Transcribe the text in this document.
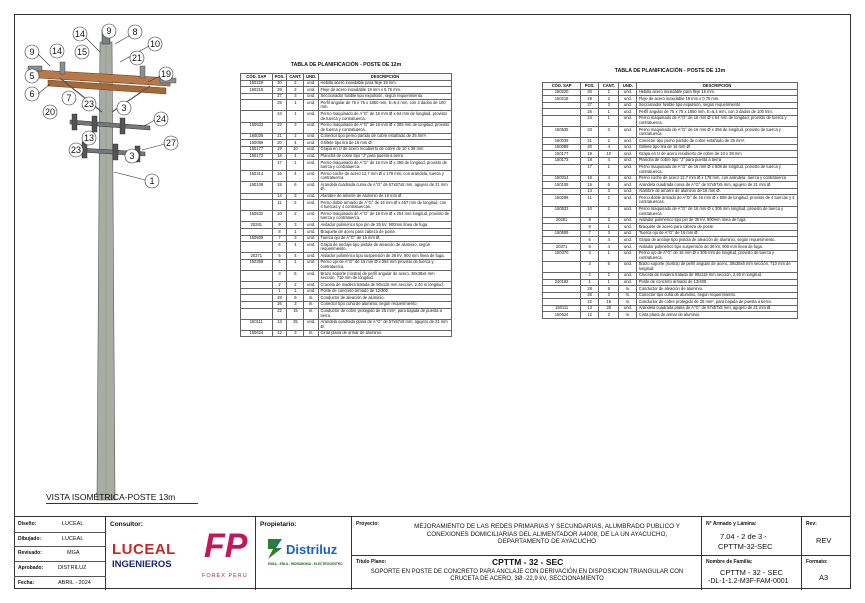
14 9 8
10
9 14 15
21
19
5
6	7
23	3
20
24
13	27
23
3
1
VISTA ISOMÉTRICA-POSTE 13m
TABLA DE PLANIFICACIÓN - POSTE DE 12m
CÓD. SAP	POS.	CANT.	UND.	DESCRIPCIÓN
150220	30	2	und.	Hebilla acero inoxidable para fleje 19 mm.
150218	29	2	und.	Fleje de acero inoxidable 19 mm x 0,76 mm.
	27	3	und.	Seccionador fusible tipo expulsión, según requerimiento.
	25	1	und.	Perfil angular de 75 x 75 x 1850 mm, E=6,4 mm, con 3 dados de 100 mm.
	24	1	und.	Perno maquinado de A°G° de 16 mm Ø x 64 mm de longitud, provisto de tuerca y contratuerca.
150533	23	3	und.	Perno maquinado de A°G° de 16 mm Ø x 305 mm de longitud, provisto de tuerca y contratuerca.
160039	21	2	und.	Conector tipo perno partido de cobre estañado de 25 mm².
150089	20	4	und.	Grillete tipo lira de 16 mm Ø.
150177	19	10	und.	Grapa en U de acero recubierto de cobre de 10 x 38 mm
150173	18	4	und.	Plancha de cobre tipo "J" para puesta a tierra
	17	1	und.	Perno maquinado de A°G° de 16 mm Ø x 458 de longitud, provisto de tuerca y contratuerca.
150314	16	4	und.	Perno coche de acero 12,7 mm Ø x 178 mm, con arandela, tuerca y contratuerca
150108	15	6	und.	Arandela cuadrada curva de A°G° de 57x57x5 mm, agujero de 21 mm Ø.
	14	3	und.	Alambre de amarre de aluminio de 16 mm Ø.
	11	2	und.	Perno doble armado de A°G° de 16 mm Ø x 457 mm de longitud, con 4 tuercas y 4 contratuercas.
150532	10	2	und.	Perno maquinado de A°G° de 16 mm Ø x 254 mm longitud, provisto de tuerca y contratuerca.
20281	9	3	und.	Aislador polimérico tipo pin de 35 kV, 900mm línea de fuga.
	8	1	und.	Braquete de acero para cabeza de poste.
150509	7	3	und.	Tuerca ojo de A°G° de 16 mm Ø.
	6	4	und.	Grapa de anclaje tipo pistola de aleación de aluminio, según requerimiento.
20371	5	4	und.	Aislador polimérico tipo suspensión de 36 kV, 900 mm línea de fuga.
150369	4	1	und.	Perno ojo de A°G° de 16 mm Ø x 254 mm provisto de tuerca y contratuerca.
	3	5	und.	Brazo soporte (riostra) de perfil angular de acero, 38x38x6 mm sección, 710 mm de longitud.
	2	2	und.	Cruceta de madera tratada de 90x115 mm sección, 2,40 m longitud.
	1	1	und.	Poste de concreto armado de 12/300.
	28	9	m.	Conductor de aleación de aluminio.
	26	3	m.	Conector tipo cuña de aluminio, según requerimiento.
	22	15	m.	Conductor de cobre protegido de 25 mm², para bajada de puesta a tierra.
150111	13	25	und.	Arandela cuadrada plana de A°G° de 57x57x5 mm, agujero de 21 mm Ø.
150624	12	3	m.	Cinta plana de armar de aluminio.
TABLA DE PLANIFICACIÓN - POSTE DE 13m
CÓD. SAP	POS.	CANT.	UND.	DESCRIPCIÓN
150220	30	2	und.	Hebilla acero inoxidable para fleje 19 mm.
150218	29	2	und.	Fleje de acero inoxidable 19 mm x 0,76 mm.
	27	3	und.	Seccionador fusible tipo expulsión, según requerimiento.
	25	1	und.	Perfil angular de 75 x 75 x 1850 mm, E=6,4 mm, con 3 dados de 100 mm.
	24	1	und.	Perno maquinado de A°G° de 16 mm Ø x 64 mm de longitud, provisto de tuerca y contratuerca.
150535	23	3	und.	Perno maquinado de A°G° de 16 mm Ø x 356 de longitud, provisto de tuerca y contratuerca.
160039	21	2	und.	Conector tipo perno partido de cobre estañado de 25 mm².
150089	20	4	und.	Grillete tipo lira de 16 mm Ø.
150177	19	10	und.	Grapa en U de acero recubierto de cobre de 10 x 38 mm
150173	18	4	und.	Plancha de cobre tipo "J" para puesta a tierra
	17	1	und.	Perno maquinado de A°G° de 16 mm Ø x 508 de longitud, provisto de tuerca y contratuerca.
150314	16	4	und.	Perno coche de acero 12,7 mm Ø x 178 mm, con arandela, tuerca y contratuerca
150108	15	6	und.	Arandela cuadrada curva de A°G° de 57x57x5 mm, agujero de 21 mm Ø.
	14	3	und.	Alambre de amarre de aluminio de 16 mm Ø.
150298	11	2	und.	Perno doble armado de A°G° de 16 mm Ø x 508 de longitud, provisto de 4 tuercas y 4 contratuercas.
150533	10	2	und.	Perno maquinado de A°G° de 16 mm Ø x 305 mm longitud, provisto de tuerca y contratuerca.
20281	9	3	und.	Aislador polimérico tipo pin de 35 kV, 900mm línea de fuga.
	8	1	und.	Braquete de acero para cabeza de poste.
150509	7	3	und.	Tuerca ojo de A°G° de 16 mm Ø.
	6	4	und.	Grapa de anclaje tipo pistola de aleación de aluminio, según requerimiento.
20371	5	4	und.	Aislador polimérico tipo suspensión de 36 kV, 900 mm línea de fuga.
150370	4	1	und.	Perno ojo de A°G° de 16 mm Ø x 305 mm de longitud, provisto de tuerca y contratuerca.
	3	5	und.	Brazo soporte (riostra) de perfil angular de acero, 38x38x6 mm sección, 710 mm de longitud.
	2	2	und.	Cruceta de madera tratada de 90x115 mm sección, 2,40 m longitud.
240182	1	1	und.	Poste de concreto armado de 13/400.
	28	9	m.	Conductor de aleación de aluminio.
	26	3	m.	Conector tipo cuña de aluminio, según requerimiento.
	22	15	m.	Conductor de cobre protegido de 25 mm², para bajada de puesta a tierra.
150111	13	25	und.	Arandela cuadrada plana de A°G° de 57x57x5 mm, agujero de 21 mm Ø.
150624	12	3	m.	Cinta plana de armar de aluminio.
Diseño:	LUCEAL
Dibujado:	LUCEAL
Revisado:	MGA
Aprobado:	DISTRILUZ
Fecha:	ABRIL - 2024
Consultor:
LUCEAL
INGENIEROS FP
FOREX PERU
Propietario:
Distriluz
ENSA - ENLA - HIDRANDINA - ELECTROCENTRO
Proyecto:	MEJORAMIENTO DE LAS REDES PRIMARIAS Y SECUNDARIAS, ALUMBRADO PUBLICO Y CONEXIONES DOMICILIARIAS DEL ALIMENTADOR A4008, DE LA UN AYACUCHO, DEPARTAMENTO DE AYACUCHO
Título Plano:	CPTTM - 32 - SEC
SOPORTE EN POSTE DE CONCRETO PARA ANCLAJE CON DERIVACIÓN EN DISPOSICION TRIANGULAR CON CRUCETA DE ACERO, 3Ø -22,9 kV, SECCIONAMIENTO
N° Armado y Lámina:
7.04 - 2 de 3 -
CPTTM-32-SEC
Nombre de Familia:
CPTTM - 32 - SEC
-DL-1-1.2-M3F-FAM-0001
Rev:
REV
Formato:
A3
